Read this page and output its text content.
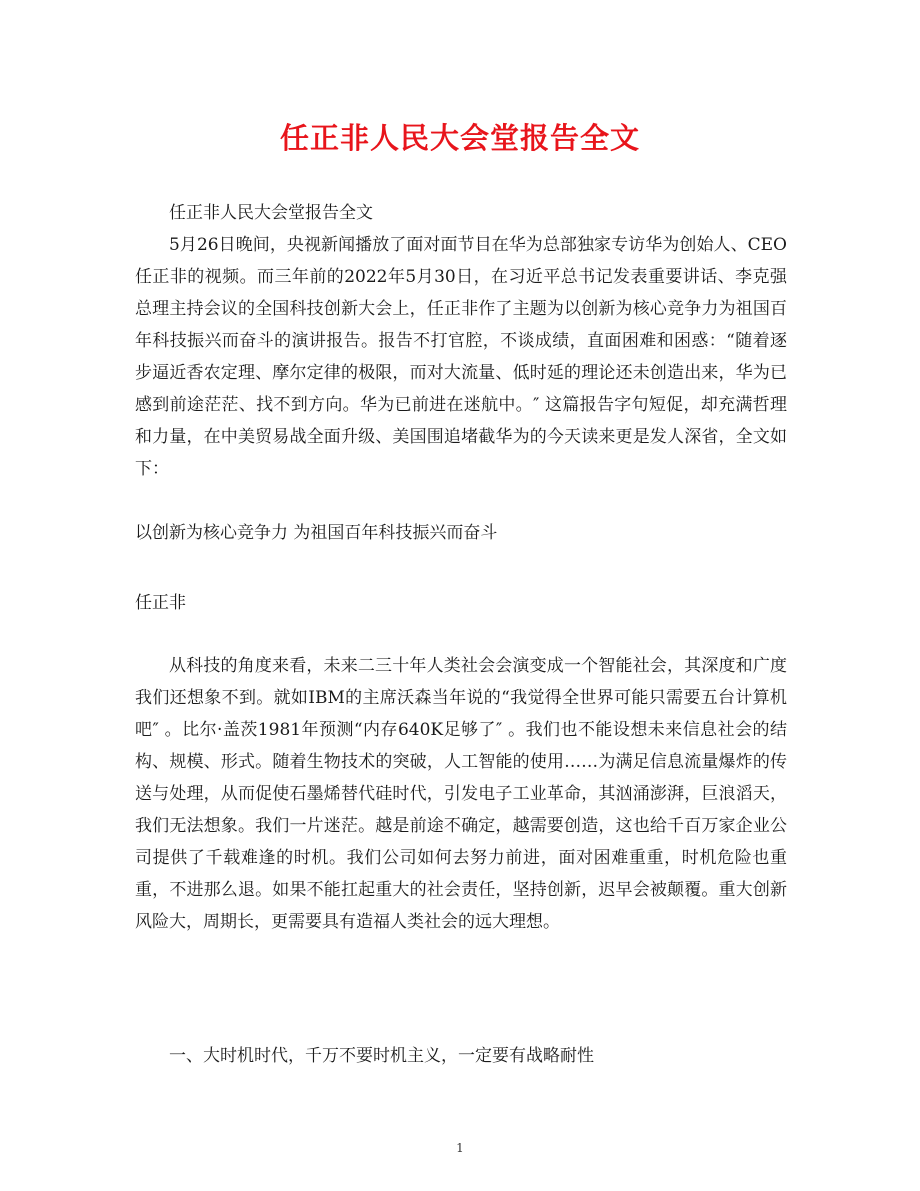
任正非人民大会堂报告全文

任正非人民大会堂报告全文

5月26日晚间，央视新闻播放了面对面节目在华为总部独家专访华为创始人、CEO任正非的视频。而三年前的2022年5月30日，在习近平总书记发表重要讲话、李克强总理主持会议的全国科技创新大会上，任正非作了主题为以创新为核心竞争力为祖国百年科技振兴而奋斗的演讲报告。报告不打官腔，不谈成绩，直面困难和困惑：“随着逐步逼近香农定理、摩尔定律的极限，而对大流量、低时延的理论还未创造出来，华为已感到前途茫茫、找不到方向。华为已前进在迷航中。″ 这篇报告字句短促，却充满哲理和力量，在中美贸易战全面升级、美国围追堵截华为的今天读来更是发人深省，全文如下：

以创新为核心竞争力 为祖国百年科技振兴而奋斗

任正非

从科技的角度来看，未来二三十年人类社会会演变成一个智能社会，其深度和广度我们还想象不到。就如IBM的主席沃森当年说的“我觉得全世界可能只需要五台计算机吧″ 。比尔·盖茨1981年预测“内存640K足够了″ 。我们也不能设想未来信息社会的结构、规模、形式。随着生物技术的突破，人工智能的使用……为满足信息流量爆炸的传送与处理，从而促使石墨烯替代硅时代，引发电子工业革命，其汹涌澎湃，巨浪滔天，我们无法想象。我们一片迷茫。越是前途不确定，越需要创造，这也给千百万家企业公司提供了千载难逢的时机。我们公司如何去努力前进，面对困难重重，时机危险也重重，不进那么退。如果不能扛起重大的社会责任，坚持创新，迟早会被颠覆。重大创新风险大，周期长，更需要具有造福人类社会的远大理想。

一、大时机时代，千万不要时机主义，一定要有战略耐性

1
